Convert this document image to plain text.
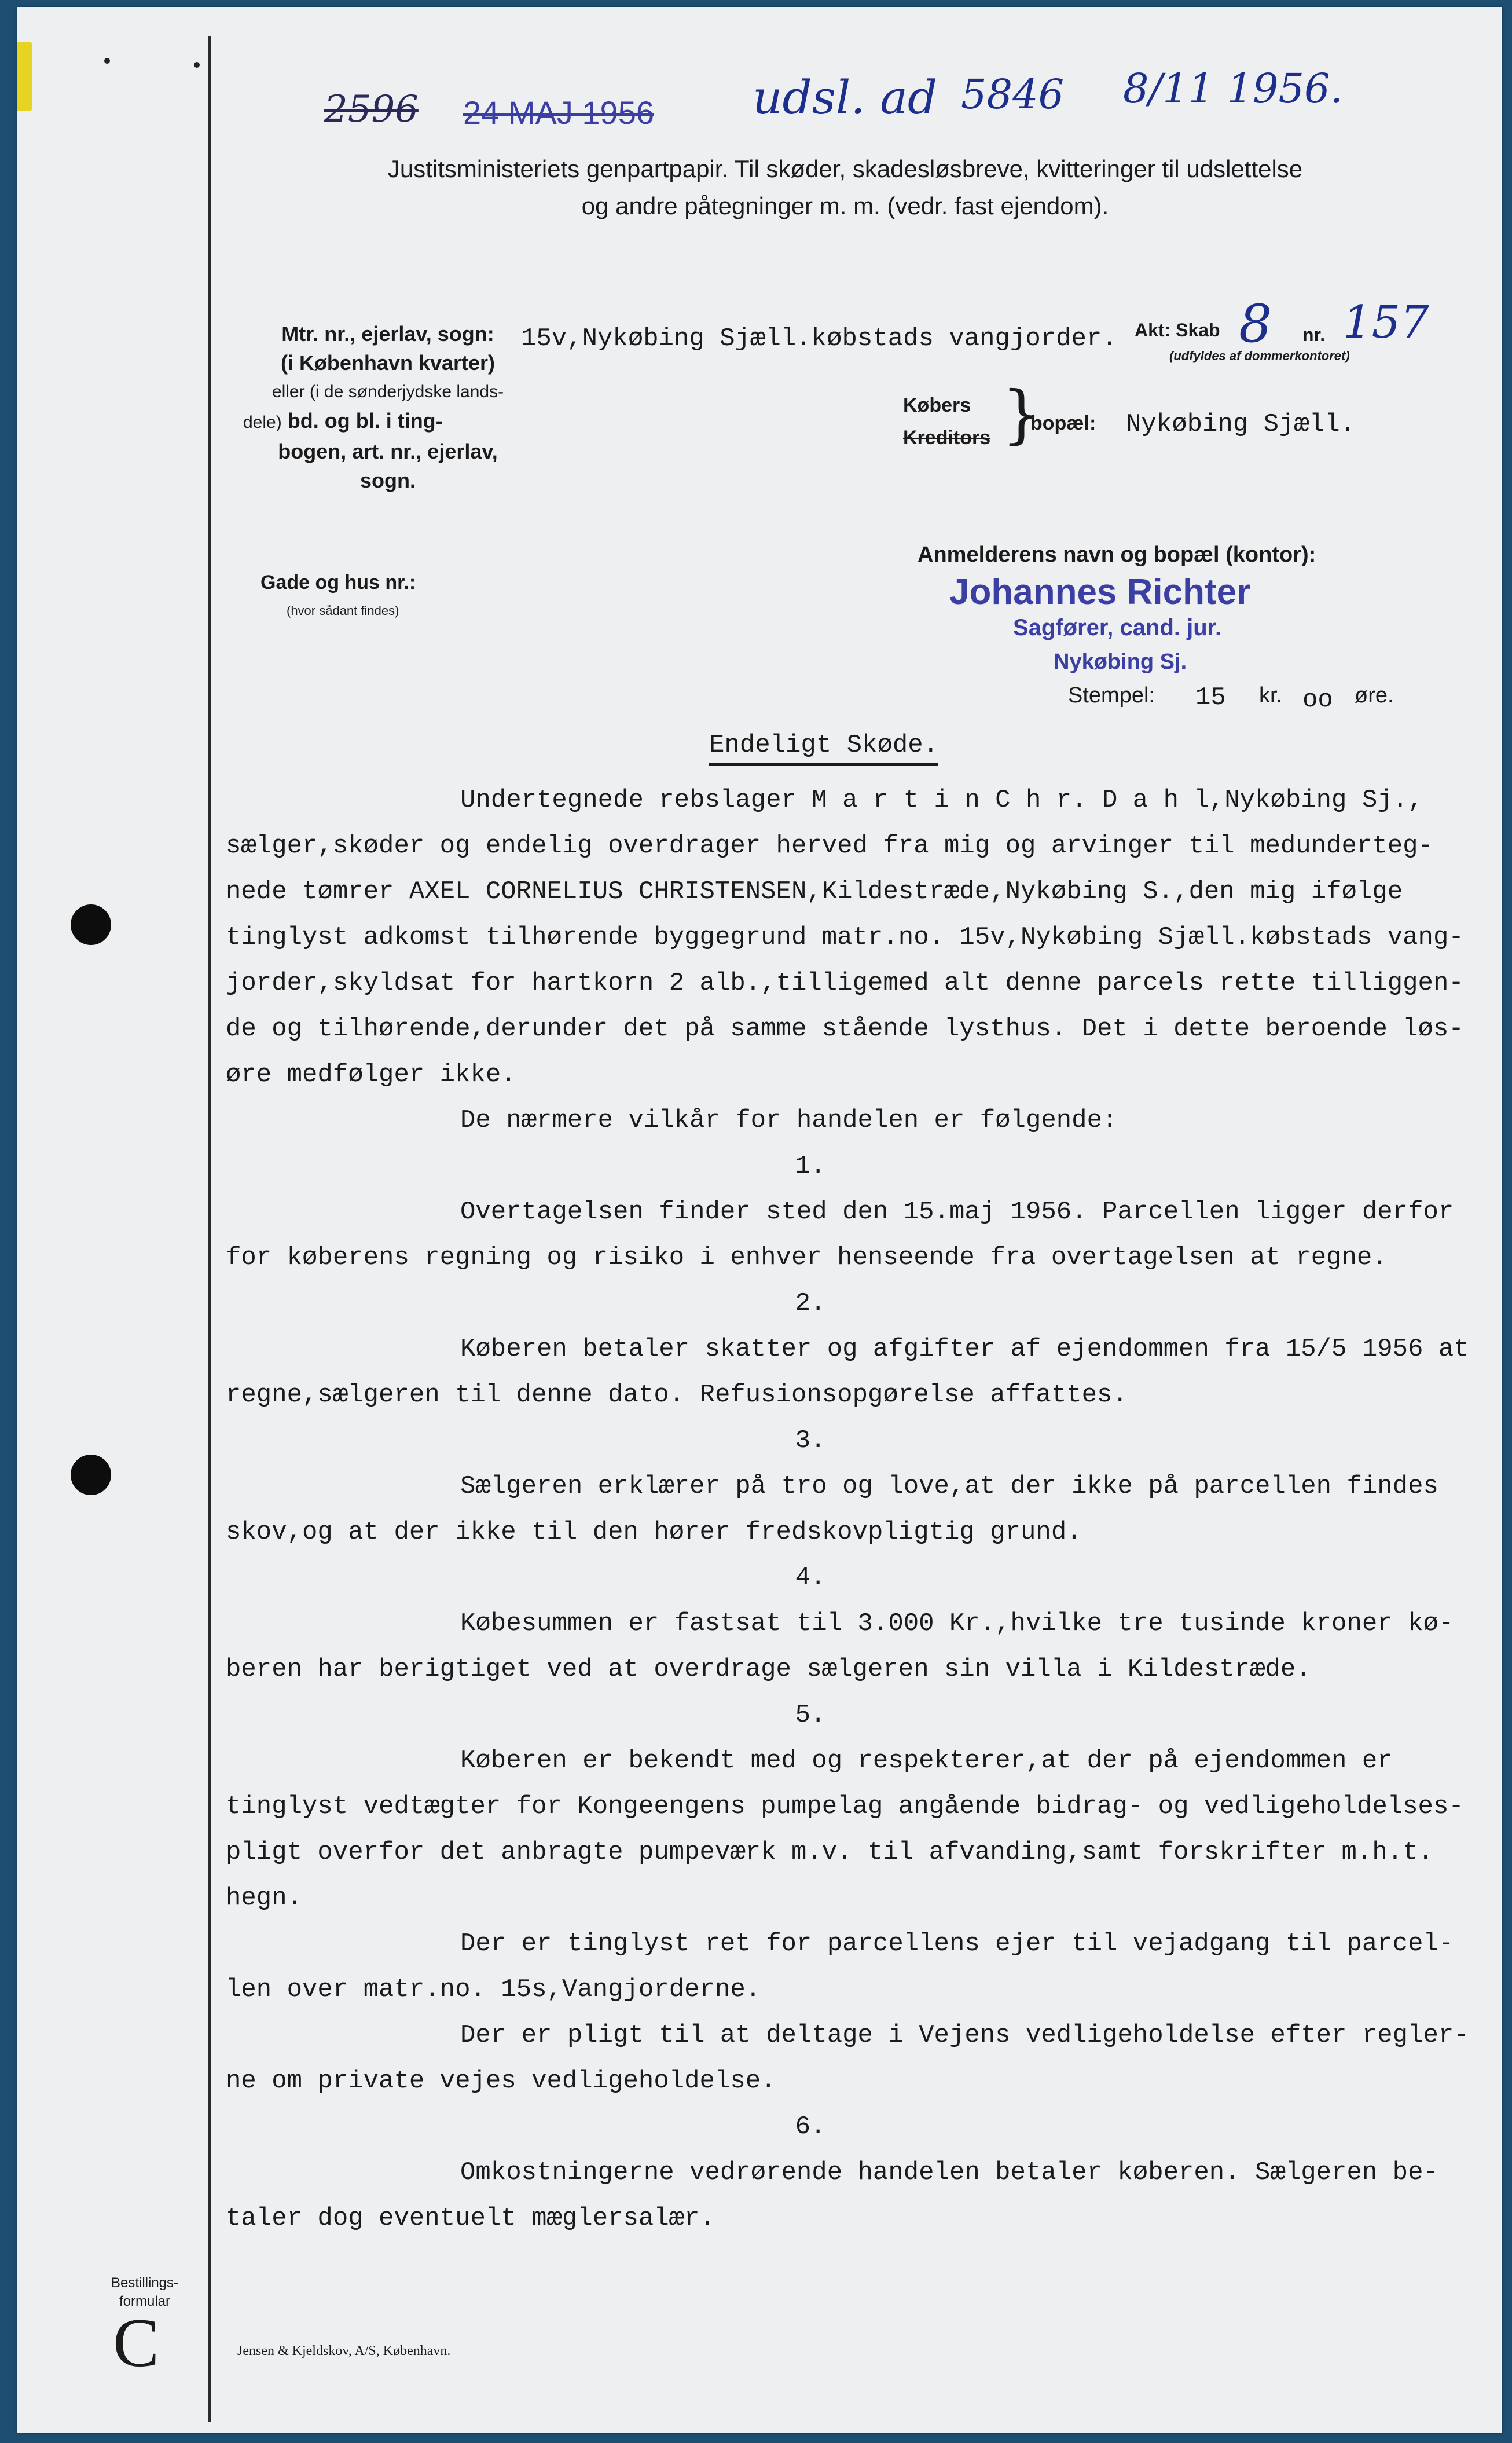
2596 24 MAJ 1956 udsl. ad 5846 8/11 1956.
Justitsministeriets genpartpapir. Til skøder, skadesløsbreve, kvitteringer til udslettelse
og andre påtegninger m. m. (vedr. fast ejendom).
Mtr. nr., ejerlav, sogn:
(i København kvarter)
eller (i de sønderjydske lands-
dele) bd. og bl. i ting-
bogen, art. nr., ejerlav,
sogn.
15v,Nykøbing Sjæll.købstads vangjorder. Akt: Skab 8 nr. 157
(udfyldes af dommerkontoret)
Købers
Kreditors }
bopæl: Nykøbing Sjæll.
Gade og hus nr.:
(hvor sådant findes)
Anmelderens navn og bopæl (kontor):
Johannes Richter
Sagfører, cand. jur.
Nykøbing Sj.
Stempel: 15 kr. oo øre.
Endeligt Skøde.
Undertegnede rebslager M a r t i n C h r. D a h l,Nykøbing Sj.,
sælger,skøder og endelig overdrager herved fra mig og arvinger til medunderteg-
nede tømrer AXEL CORNELIUS CHRISTENSEN,Kildestræde,Nykøbing S.,den mig ifølge
tinglyst adkomst tilhørende byggegrund matr.no. 15v,Nykøbing Sjæll.købstads vang-
jorder,skyldsat for hartkorn 2 alb.,tilligemed alt denne parcels rette tilliggen-
de og tilhørende,derunder det på samme stående lysthus. Det i dette beroende løs-
øre medfølger ikke.
De nærmere vilkår for handelen er følgende:
1.
Overtagelsen finder sted den 15.maj 1956. Parcellen ligger derfor
for køberens regning og risiko i enhver henseende fra overtagelsen at regne.
2.
Køberen betaler skatter og afgifter af ejendommen fra 15/5 1956 at
regne,sælgeren til denne dato. Refusionsopgørelse affattes.
3.
Sælgeren erklærer på tro og love,at der ikke på parcellen findes
skov,og at der ikke til den hører fredskovpligtig grund.
4.
Købesummen er fastsat til 3.000 Kr.,hvilke tre tusinde kroner kø-
beren har berigtiget ved at overdrage sælgeren sin villa i Kildestræde.
5.
Køberen er bekendt med og respekterer,at der på ejendommen er
tinglyst vedtægter for Kongeengens pumpelag angående bidrag- og vedligeholdelses-
pligt overfor det anbragte pumpeværk m.v. til afvanding,samt forskrifter m.h.t.
hegn.
Der er tinglyst ret for parcellens ejer til vejadgang til parcel-
len over matr.no. 15s,Vangjorderne.
Der er pligt til at deltage i Vejens vedligeholdelse efter regler-
ne om private vejes vedligeholdelse.
6.
Omkostningerne vedrørende handelen betaler køberen. Sælgeren be-
taler dog eventuelt mæglersalær.
Bestillings-
formular
C	Jensen & Kjeldskov, A/S, København.
